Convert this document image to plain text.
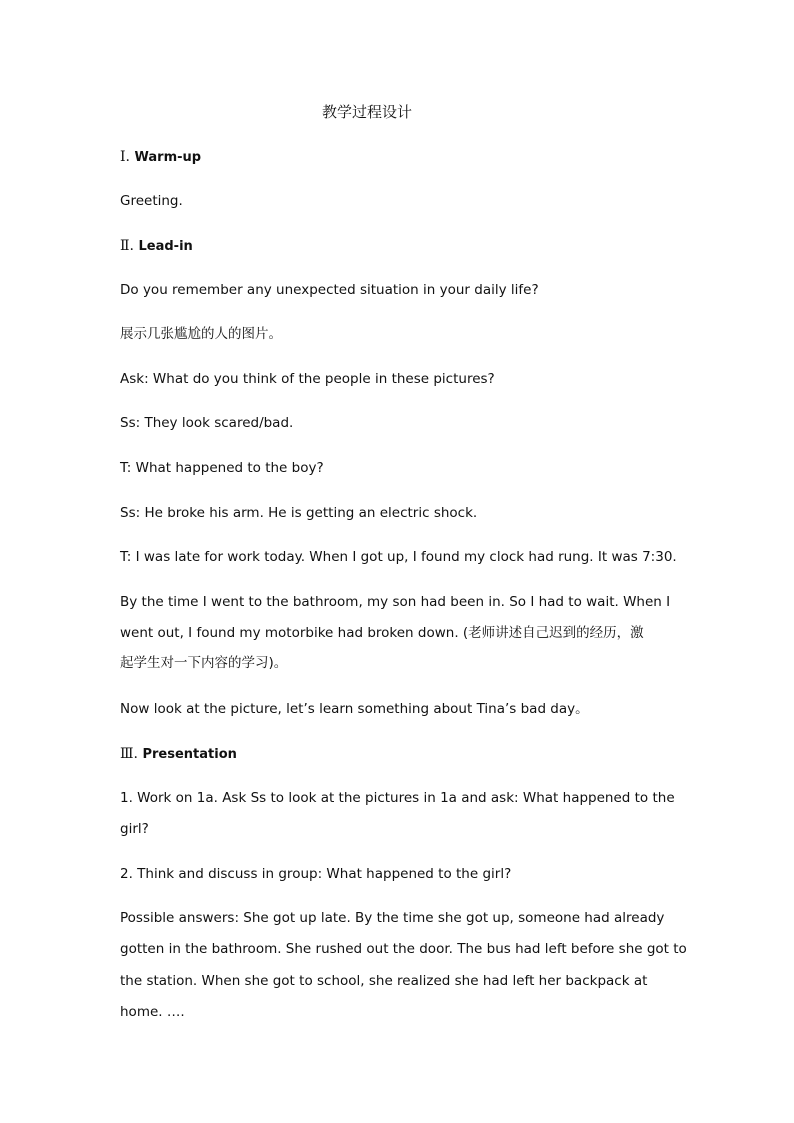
教学过程设计
Ⅰ. Warm-up
Greeting.
Ⅱ. Lead-in
Do you remember any unexpected situation in your daily life?
展示几张尴尬的人的图片。
Ask: What do you think of the people in these pictures?
Ss: They look scared/bad.
T: What happened to the boy?
Ss: He broke his arm. He is getting an electric shock.
T: I was late for work today. When I got up, I found my clock had rung. It was 7:30.
By the time I went to the bathroom, my son had been in. So I had to wait. When I
went out, I found my motorbike had broken down. (老师讲述自己迟到的经历，激
起学生对一下内容的学习)。
Now look at the picture, let’s learn something about Tina’s bad day。
Ⅲ. Presentation
1. Work on 1a. Ask Ss to look at the pictures in 1a and ask: What happened to the
girl?
2. Think and discuss in group: What happened to the girl?
Possible answers: She got up late. By the time she got up, someone had already
gotten in the bathroom. She rushed out the door. The bus had left before she got to
the station. When she got to school, she realized she had left her backpack at
home. ….
